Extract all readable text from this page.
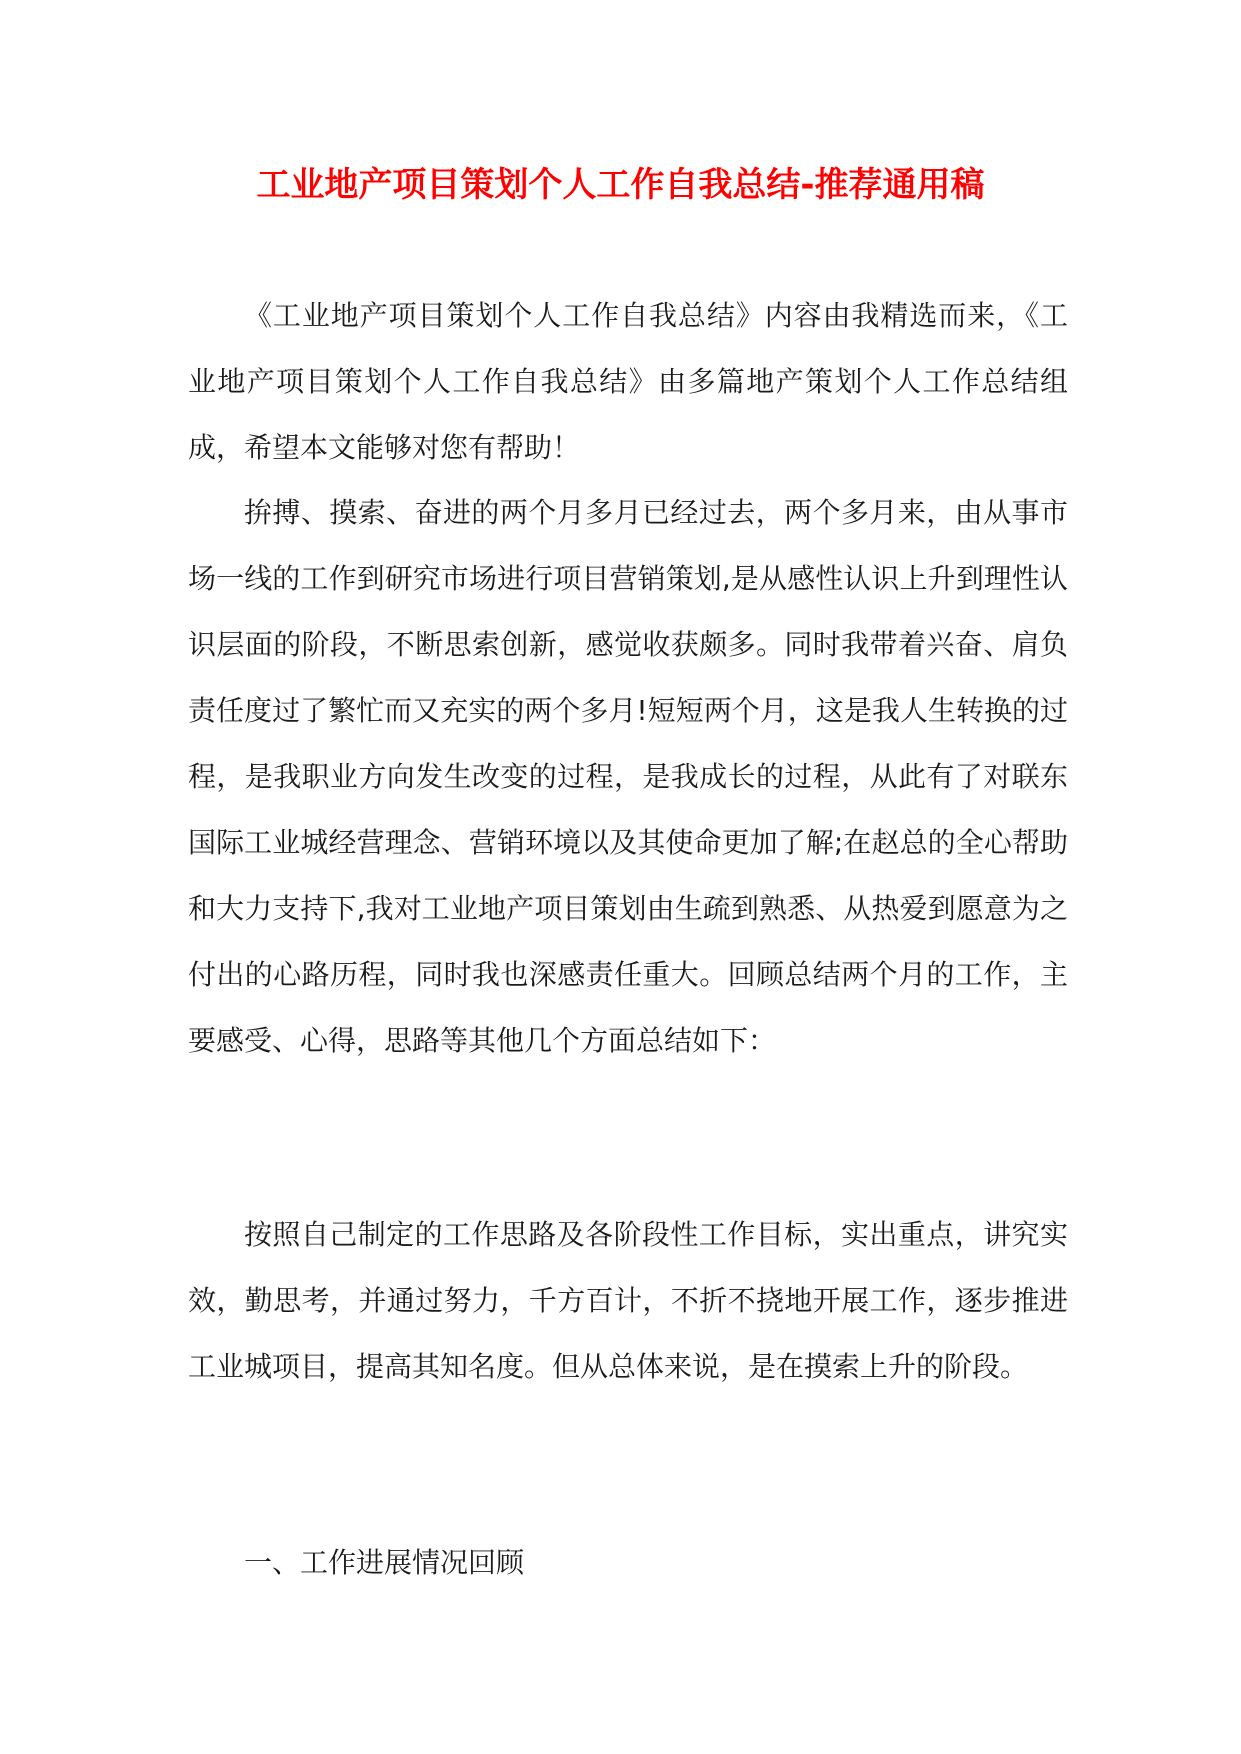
工业地产项目策划个人工作自我总结-推荐通用稿

《工业地产项目策划个人工作自我总结》内容由我精选而来，《工业地产项目策划个人工作自我总结》由多篇地产策划个人工作总结组成，希望本文能够对您有帮助！

拚搏、摸索、奋进的两个月多月已经过去，两个多月来，由从事市场一线的工作到研究市场进行项目营销策划,是从感性认识上升到理性认识层面的阶段，不断思索创新，感觉收获颇多。同时我带着兴奋、肩负责任度过了繁忙而又充实的两个多月!短短两个月，这是我人生转换的过程，是我职业方向发生改变的过程，是我成长的过程，从此有了对联东国际工业城经营理念、营销环境以及其使命更加了解;在赵总的全心帮助和大力支持下,我对工业地产项目策划由生疏到熟悉、从热爱到愿意为之付出的心路历程，同时我也深感责任重大。回顾总结两个月的工作，主要感受、心得，思路等其他几个方面总结如下：

按照自己制定的工作思路及各阶段性工作目标，实出重点，讲究实效，勤思考，并通过努力，千方百计，不折不挠地开展工作，逐步推进工业城项目，提高其知名度。但从总体来说，是在摸索上升的阶段。

一、工作进展情况回顾
